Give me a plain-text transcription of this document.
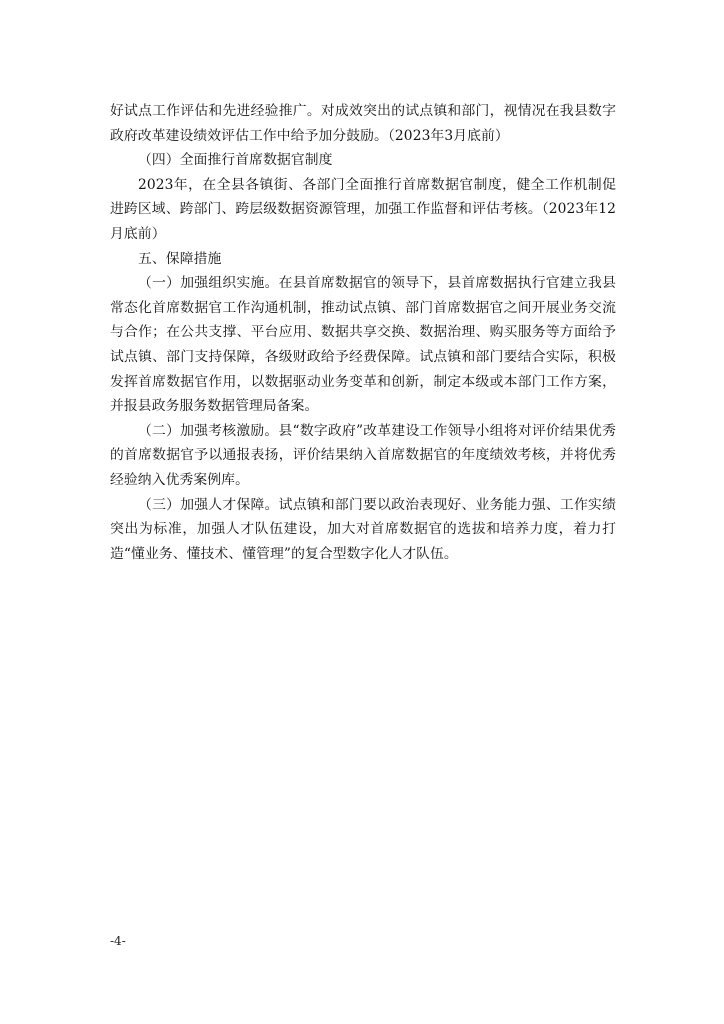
好试点工作评估和先进经验推广。对成效突出的试点镇和部门，视情况在我县数字政府改革建设绩效评估工作中给予加分鼓励。（2023年3月底前）

（四）全面推行首席数据官制度

2023年，在全县各镇街、各部门全面推行首席数据官制度，健全工作机制促进跨区域、跨部门、跨层级数据资源管理，加强工作监督和评估考核。（2023年12月底前）

五、保障措施

（一）加强组织实施。在县首席数据官的领导下，县首席数据执行官建立我县常态化首席数据官工作沟通机制，推动试点镇、部门首席数据官之间开展业务交流与合作；在公共支撑、平台应用、数据共享交换、数据治理、购买服务等方面给予试点镇、部门支持保障，各级财政给予经费保障。试点镇和部门要结合实际，积极发挥首席数据官作用，以数据驱动业务变革和创新，制定本级或本部门工作方案，并报县政务服务数据管理局备案。

（二）加强考核激励。县“数字政府”改革建设工作领导小组将对评价结果优秀的首席数据官予以通报表扬，评价结果纳入首席数据官的年度绩效考核，并将优秀经验纳入优秀案例库。

（三）加强人才保障。试点镇和部门要以政治表现好、业务能力强、工作实绩突出为标准，加强人才队伍建设，加大对首席数据官的选拔和培养力度，着力打造“懂业务、懂技术、懂管理”的复合型数字化人才队伍。

-4-
